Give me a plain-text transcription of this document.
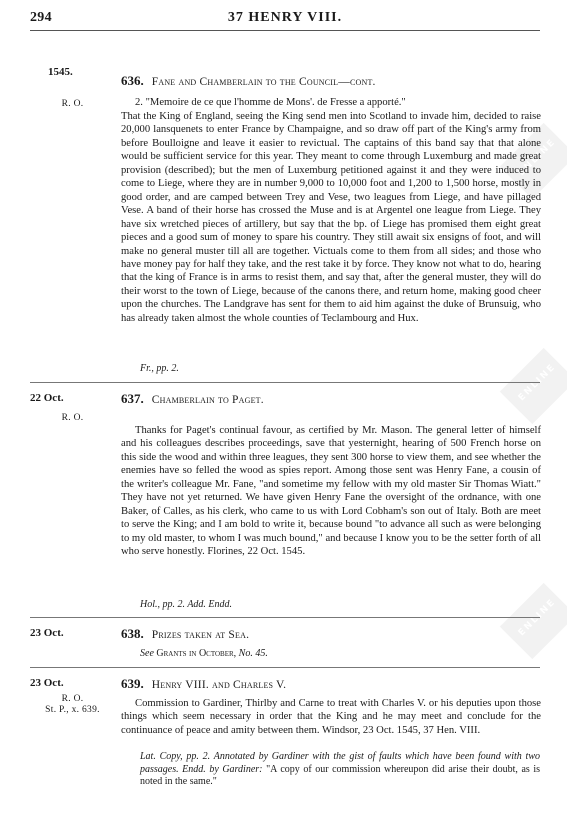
294	37 HENRY VIII.
ENLINE
ENLINE
ENLINE
1545.
636. Fane and Chamberlain to the Council—cont.
R. O.	2. "Memoire de ce que l'homme de Mons'. de Fresse a apporté."

That the King of England, seeing the King send men into Scotland to invade him, decided to raise 20,000 lansquenets to enter France by Champaigne, and so draw off part of the King's army from before Boulloigne and leave it easier to revictual. The captains of this band say that that alone would be sufficient service for this year. They meant to come through Luxemburg and made great provision (described); but the men of Luxemburg petitioned against it and they were induced to come to Liege, where they are in number 9,000 to 10,000 foot and 1,200 to 1,500 horse, mostly in good order, and are camped between Trey and Vese, two leagues from Liege, and have pillaged Vese. A band of their horse has crossed the Muse and is at Argentel one league from Liege. They have six wretched pieces of artillery, but say that the bp. of Liege has promised them eight great pieces and a good sum of money to spare his country. They still await six ensigns of foot, and will make no general muster till all are together. Victuals come to them from all sides; and those who have money pay for half they take, and the rest take it by force. They know not what to do, hearing that the king of France is in arms to resist them, and say that, after the general muster, they will do their worst to the town of Liege, because of the canons there, and return home, making good cheer upon the churches. The Landgrave has sent for them to aid him against the duke of Brunsuig, who has already taken almost the whole counties of Teclambourg and Hux.

Fr., pp. 2.

22 Oct.	637. Chamberlain to Paget.
R. O.

Thanks for Paget's continual favour, as certified by Mr. Mason. The general letter of himself and his colleagues describes proceedings, save that yesternight, hearing of 500 French horse on this side the wood and within three leagues, they sent 300 horse to view them, and see whether the enemies have so felled the wood as spies report. Among those sent was Henry Fane, a cousin of the writer's colleague Mr. Fane, "and sometime my fellow with my old master Sir Thomas Wiatt." They have not yet returned. We have given Henry Fane the oversight of the ordnance, with one Baker, of Calles, as his clerk, who came to us with Lord Cobham's son out of Italy. Both are meet to serve the King; and I am bold to write it, because bound "to advance all such as were belonging to my old master, to whom I was much bound," and because I know you to be the setter forth of all who serve honestly. Florines, 22 Oct. 1545.

Hol., pp. 2. Add. Endd.

23 Oct.	638. Prizes taken at Sea.
See Grants in October, No. 45.
23 Oct.	639. Henry VIII. and Charles V.
R. O.
St. P., x. 639.

Commission to Gardiner, Thirlby and Carne to treat with Charles V. or his deputies upon those things which seem necessary in order that the King and he may meet and conclude for the continuance of peace and amity between them. Windsor, 23 Oct. 1545, 37 Hen. VIII.

Lat. Copy, pp. 2. Annotated by Gardiner with the gist of faults which have been found with two passages. Endd. by Gardiner: "A copy of our commission whereupon did arise their doubt, as is noted in the same."
